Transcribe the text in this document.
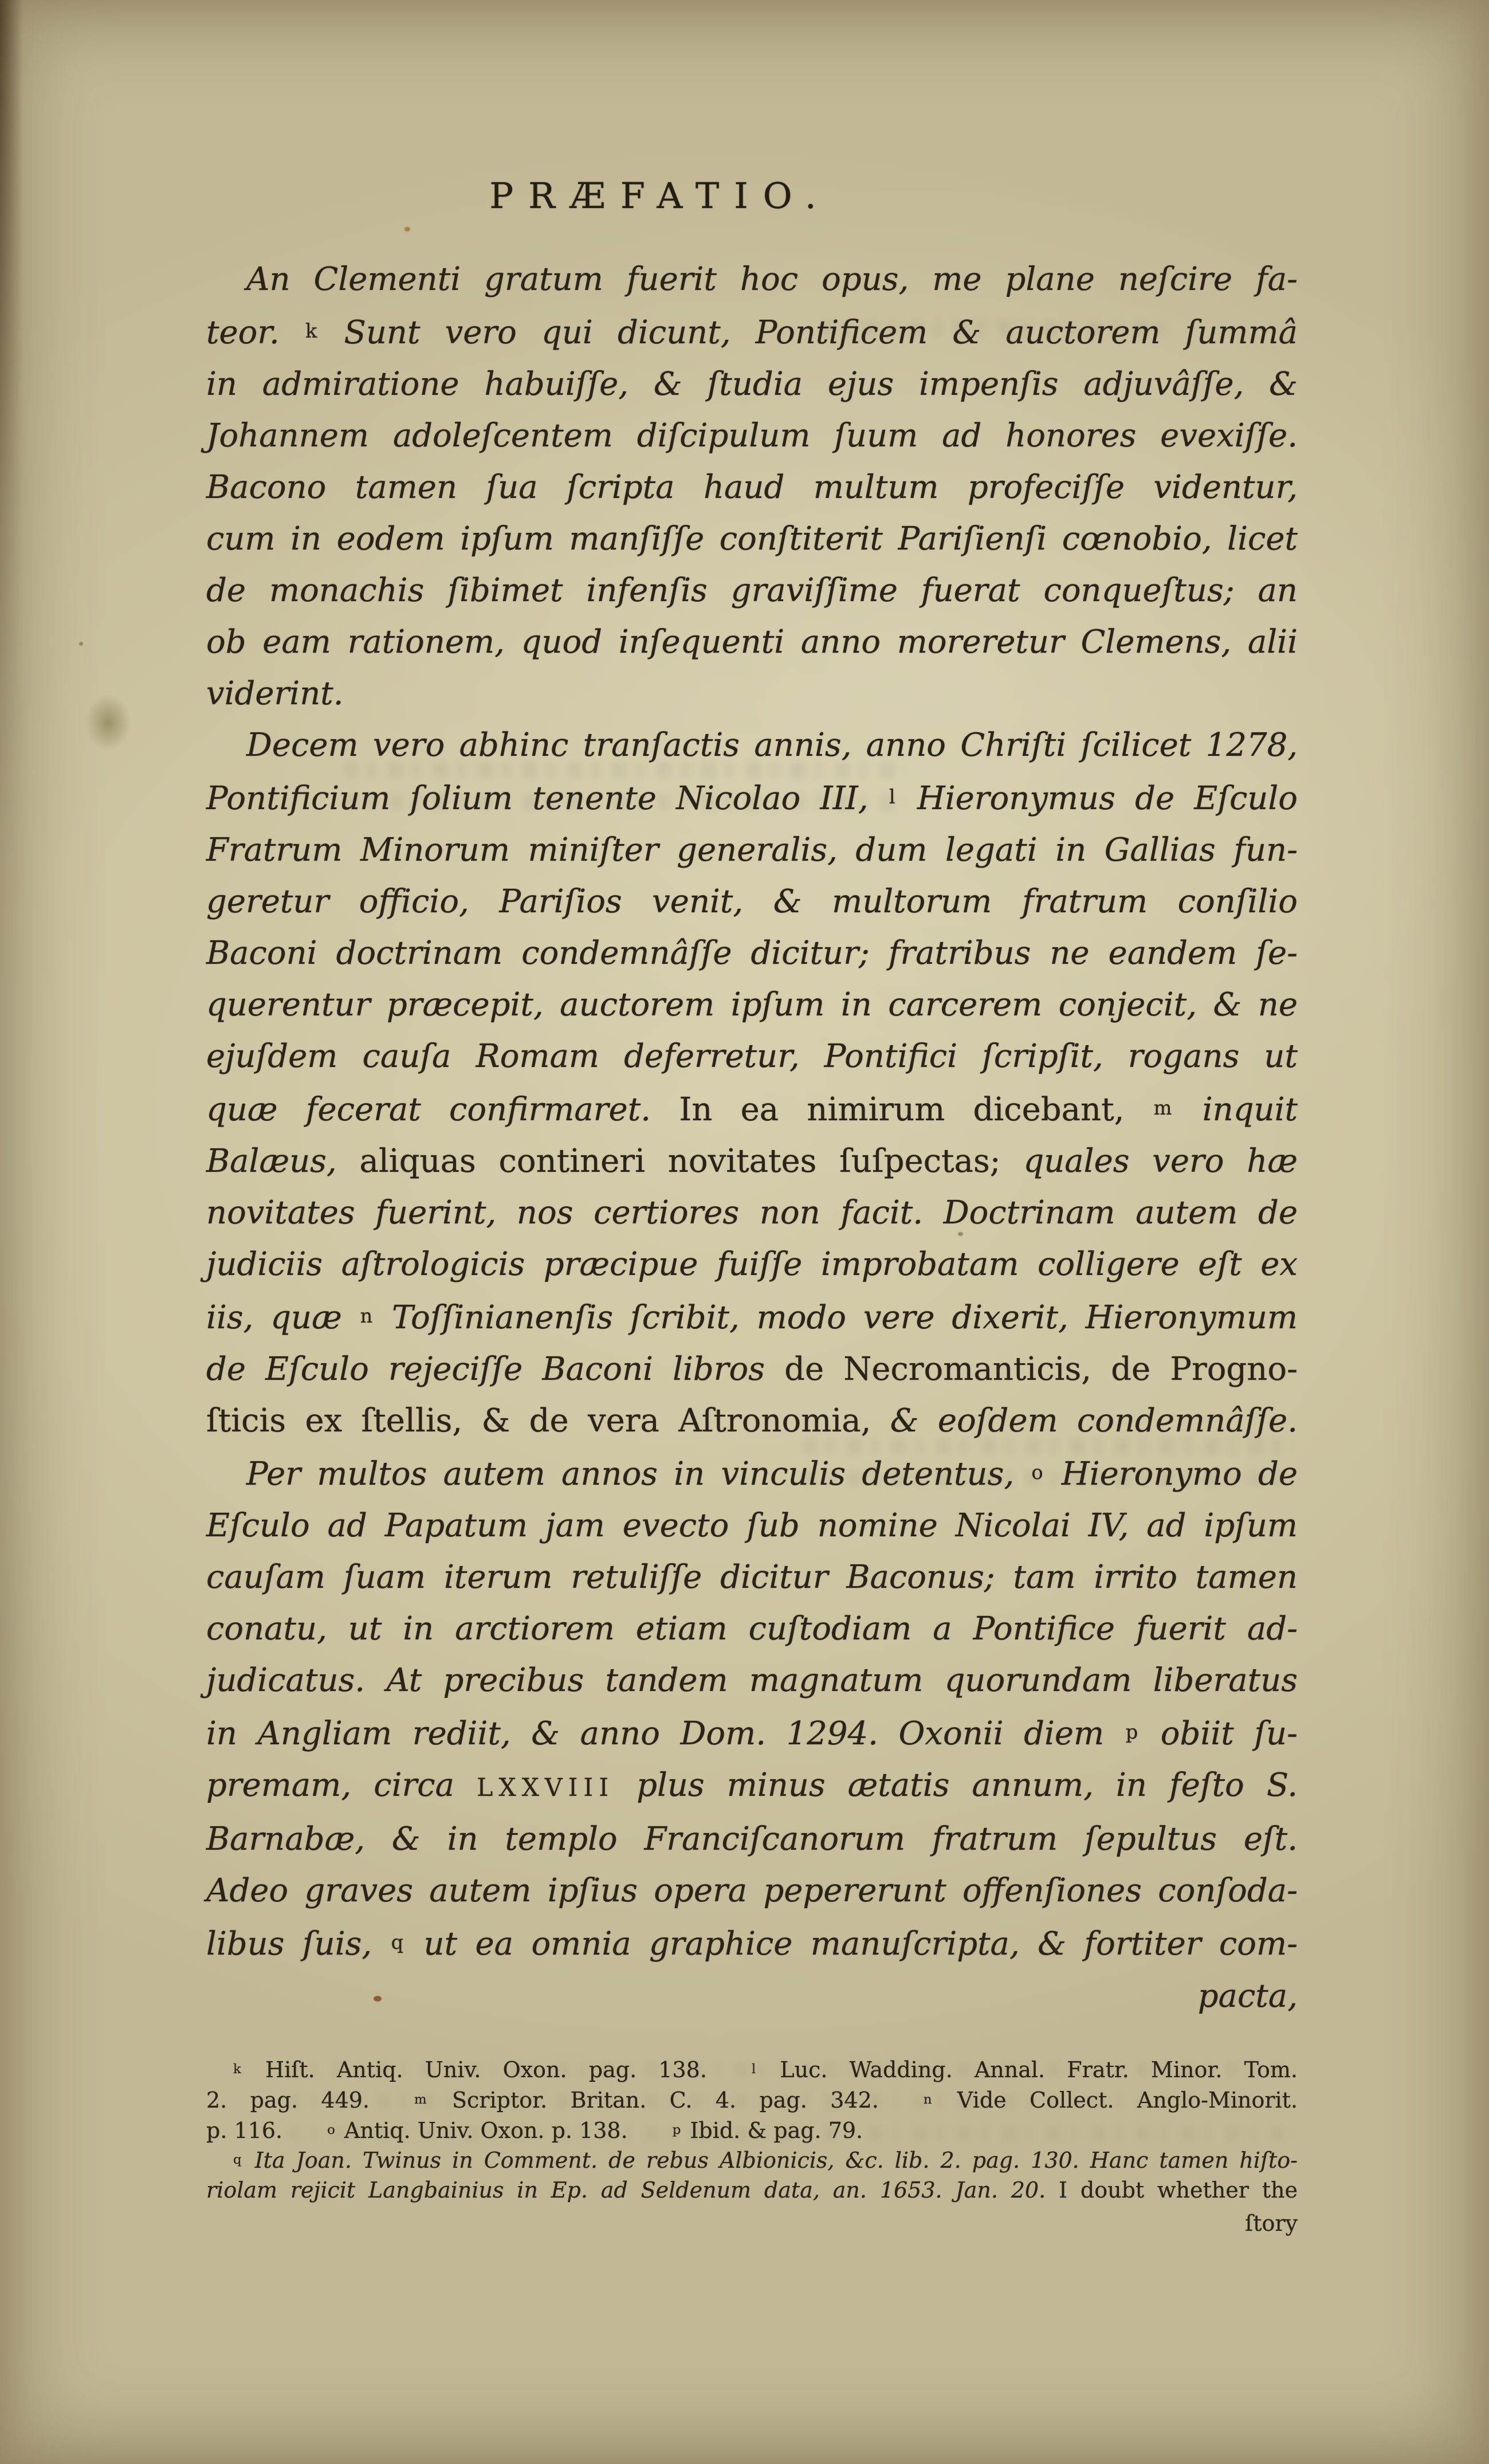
PRÆFATIO.
An Clementi gratum fuerit hoc opus, me plane neſcire fa-
teor. k Sunt vero qui dicunt, Pontificem & auctorem ſummâ
in admiratione habuiſſe, & ſtudia ejus impenſis adjuvâſſe, &
Johannem adoleſcentem diſcipulum ſuum ad honores evexiſſe.
Bacono tamen ſua ſcripta haud multum profeciſſe videntur,
cum in eodem ipſum manſiſſe conſtiterit Pariſienſi cœnobio, licet
de monachis ſibimet infenſis graviſſime fuerat conqueſtus; an
ob eam rationem, quod inſequenti anno moreretur Clemens, alii
viderint.
Decem vero abhinc tranſactis annis, anno Chriſti ſcilicet 1278,
Pontificium ſolium tenente Nicolao III, l Hieronymus de Eſculo
Fratrum Minorum miniſter generalis, dum legati in Gallias fun-
geretur officio, Pariſios venit, & multorum fratrum conſilio
Baconi doctrinam condemnâſſe dicitur; fratribus ne eandem ſe-
querentur præcepit, auctorem ipſum in carcerem conjecit, & ne
ejuſdem cauſa Romam deferretur, Pontifici ſcripſit, rogans ut
quæ fecerat confirmaret. In ea nimirum dicebant, m inquit
Balæus, aliquas contineri novitates ſuſpectas; quales vero hæ
novitates fuerint, nos certiores non facit. Doctrinam autem de
judiciis aſtrologicis præcipue fuiſſe improbatam colligere eſt ex
iis, quæ n Toſſinianenſis ſcribit, modo vere dixerit, Hieronymum
de Eſculo rejeciſſe Baconi libros de Necromanticis, de Progno-
ſticis ex ſtellis, & de vera Aſtronomia, & eoſdem condemnâſſe.
Per multos autem annos in vinculis detentus, o Hieronymo de
Eſculo ad Papatum jam evecto ſub nomine Nicolai IV, ad ipſum
cauſam ſuam iterum retuliſſe dicitur Baconus; tam irrito tamen
conatu, ut in arctiorem etiam cuſtodiam a Pontifice fuerit ad-
judicatus. At precibus tandem magnatum quorundam liberatus
in Angliam rediit, & anno Dom. 1294. Oxonii diem p obiit ſu-
premam, circa LXXVIII plus minus ætatis annum, in feſto S.
Barnabæ, & in templo Franciſcanorum fratrum ſepultus eſt.
Adeo graves autem ipſius opera pepererunt offenſiones conſoda-
libus ſuis, q ut ea omnia graphice manuſcripta, & fortiter com-
pacta,
k Hiſt. Antiq. Univ. Oxon. pag. 138.  l Luc. Wadding. Annal. Fratr. Minor. Tom.
2. pag. 449.  m Scriptor. Britan. C. 4. pag. 342.  n Vide Collect. Anglo-Minorit.
p. 116.  o Antiq. Univ. Oxon. p. 138.  p Ibid. & pag. 79.
q Ita Joan. Twinus in Comment. de rebus Albionicis, &c. lib. 2. pag. 130. Hanc tamen hiſto-
riolam rejicit Langbainius in Ep. ad Seldenum data, an. 1653. Jan. 20. I doubt whether the
ſtory
